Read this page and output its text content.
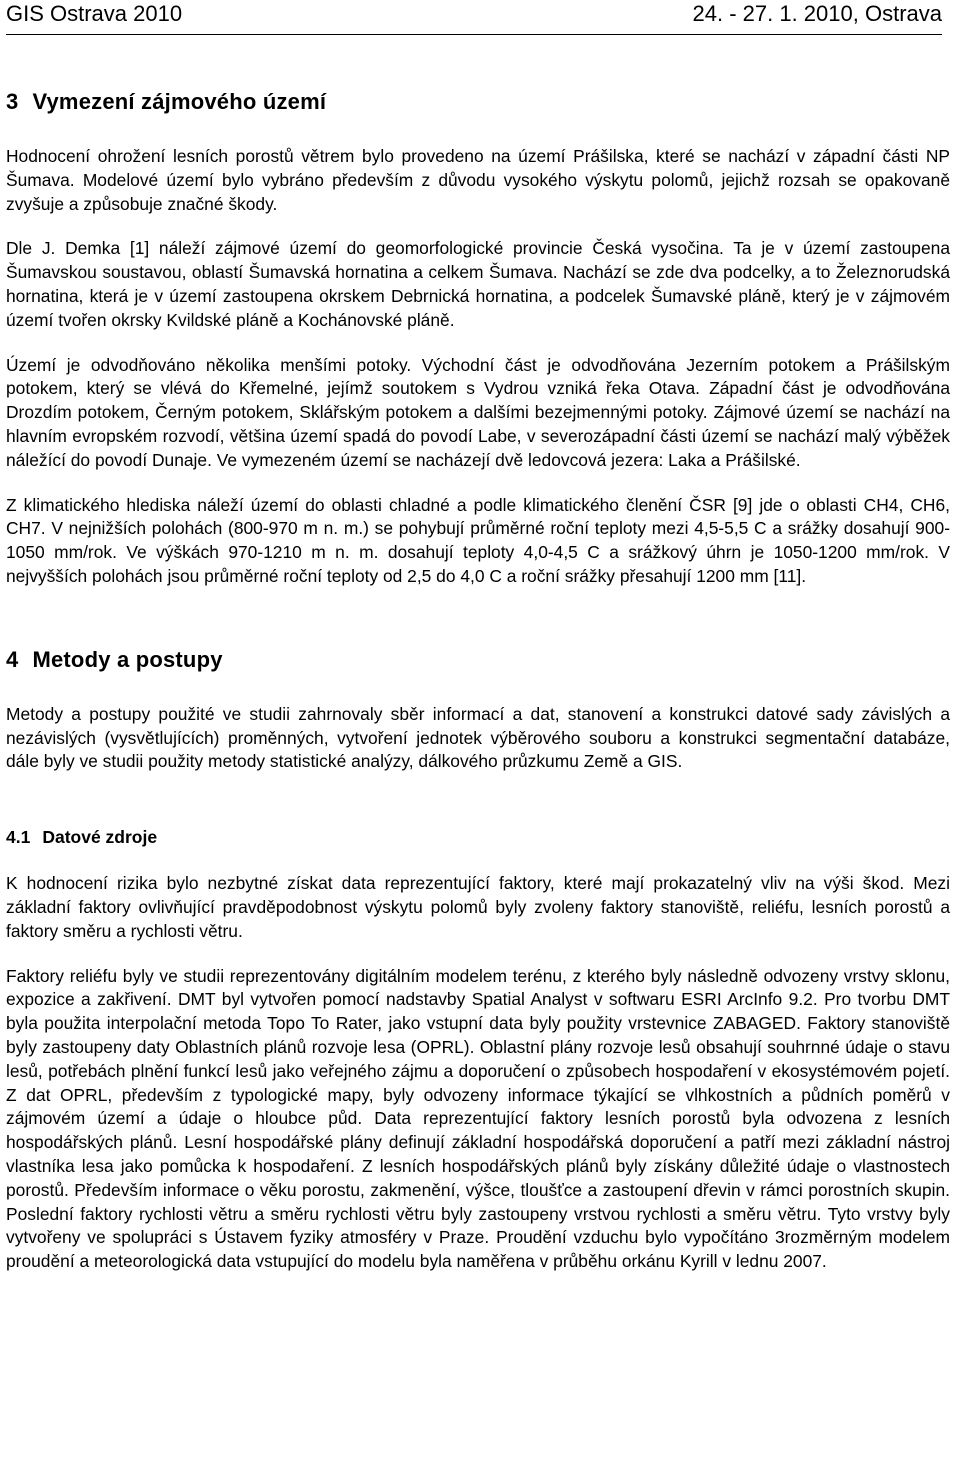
GIS Ostrava 2010	24. - 27. 1. 2010, Ostrava
3 Vymezení zájmového území

Hodnocení ohrožení lesních porostů větrem bylo provedeno na území Prášilska, které se nachází v západní části NP Šumava. Modelové území bylo vybráno především z důvodu vysokého výskytu polomů, jejichž rozsah se opakovaně zvyšuje a způsobuje značné škody.

Dle J. Demka [1] náleží zájmové území do geomorfologické provincie Česká vysočina. Ta je v území zastoupena Šumavskou soustavou, oblastí Šumavská hornatina a celkem Šumava. Nachází se zde dva podcelky, a to Železnorudská hornatina, která je v území zastoupena okrskem Debrnická hornatina, a podcelek Šumavské pláně, který je v zájmovém území tvořen okrsky Kvildské pláně a Kochánovské pláně.

Území je odvodňováno několika menšími potoky. Východní část je odvodňována Jezerním potokem a Prášilským potokem, který se vlévá do Křemelné, jejímž soutokem s Vydrou vzniká řeka Otava. Západní část je odvodňována Drozdím potokem, Černým potokem, Sklářským potokem a dalšími bezejmennými potoky. Zájmové území se nachází na hlavním evropském rozvodí, většina území spadá do povodí Labe, v severozápadní části území se nachází malý výběžek náležící do povodí Dunaje. Ve vymezeném území se nacházejí dvě ledovcová jezera: Laka a Prášilské.

Z klimatického hlediska náleží území do oblasti chladné a podle klimatického členění ČSR [9] jde o oblasti CH4, CH6, CH7. V nejnižších polohách (800-970 m n. m.) se pohybují průměrné roční teploty mezi 4,5-5,5 C a srážky dosahují 900-1050 mm/rok. Ve výškách 970-1210 m n. m. dosahují teploty 4,0-4,5 C a srážkový úhrn je 1050-1200 mm/rok. V nejvyšších polohách jsou průměrné roční teploty od 2,5 do 4,0 C a roční srážky přesahují 1200 mm [11].

4 Metody a postupy

Metody a postupy použité ve studii zahrnovaly sběr informací a dat, stanovení a konstrukci datové sady závislých a nezávislých (vysvětlujících) proměnných, vytvoření jednotek výběrového souboru a konstrukci segmentační databáze, dále byly ve studii použity metody statistické analýzy, dálkového průzkumu Země a GIS.

4.1 Datové zdroje

K hodnocení rizika bylo nezbytné získat data reprezentující faktory, které mají prokazatelný vliv na výši škod. Mezi základní faktory ovlivňující pravděpodobnost výskytu polomů byly zvoleny faktory stanoviště, reliéfu, lesních porostů a faktory směru a rychlosti větru.

Faktory reliéfu byly ve studii reprezentovány digitálním modelem terénu, z kterého byly následně odvozeny vrstvy sklonu, expozice a zakřivení. DMT byl vytvořen pomocí nadstavby Spatial Analyst v softwaru ESRI ArcInfo 9.2. Pro tvorbu DMT byla použita interpolační metoda Topo To Rater, jako vstupní data byly použity vrstevnice ZABAGED. Faktory stanoviště byly zastoupeny daty Oblastních plánů rozvoje lesa (OPRL). Oblastní plány rozvoje lesů obsahují souhrnné údaje o stavu lesů, potřebách plnění funkcí lesů jako veřejného zájmu a doporučení o způsobech hospodaření v ekosystémovém pojetí. Z dat OPRL, především z typologické mapy, byly odvozeny informace týkající se vlhkostních a půdních poměrů v zájmovém území a údaje o hloubce půd. Data reprezentující faktory lesních porostů byla odvozena z lesních hospodářských plánů. Lesní hospodářské plány definují základní hospodářská doporučení a patří mezi základní nástroj vlastníka lesa jako pomůcka k hospodaření. Z lesních hospodářských plánů byly získány důležité údaje o vlastnostech porostů. Především informace o věku porostu, zakmenění, výšce, tloušťce a zastoupení dřevin v rámci porostních skupin. Poslední faktory rychlosti větru a směru rychlosti větru byly zastoupeny vrstvou rychlosti a směru větru. Tyto vrstvy byly vytvořeny ve spolupráci s Ústavem fyziky atmosféry v Praze. Proudění vzduchu bylo vypočítáno 3rozměrným modelem proudění a meteorologická data vstupující do modelu byla naměřena v průběhu orkánu Kyrill v lednu 2007.
